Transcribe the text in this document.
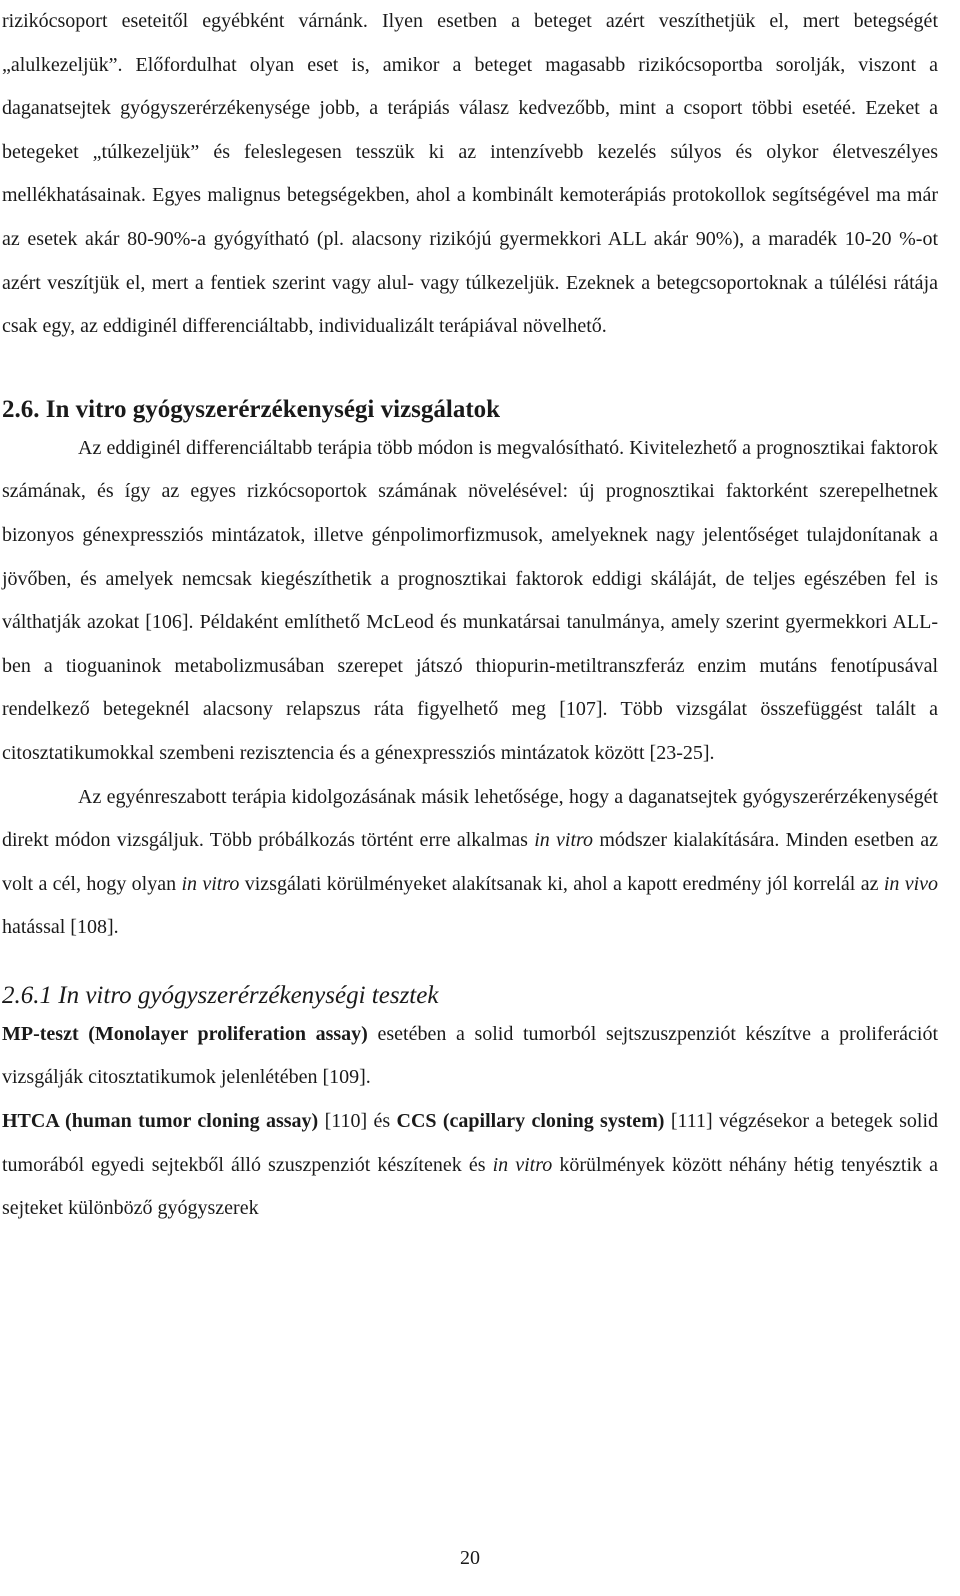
rizikócsoport eseteitől egyébként várnánk. Ilyen esetben a beteget azért veszíthetjük el, mert betegségét „alulkezeljük”. Előfordulhat olyan eset is, amikor a beteget magasabb rizikócsoportba sorolják, viszont a daganatsejtek gyógyszerérzékenysége jobb, a terápiás válasz kedvezőbb, mint a csoport többi esetéé. Ezeket a betegeket „túlkezeljük” és feleslegesen tesszük ki az intenzívebb kezelés súlyos és olykor életveszélyes mellékhatásainak. Egyes malignus betegségekben, ahol a kombinált kemoterápiás protokollok segítségével ma már az esetek akár 80-90%-a gyógyítható (pl. alacsony rizikójú gyermekkori ALL akár 90%), a maradék 10-20 %-ot azért veszítjük el, mert a fentiek szerint vagy alul- vagy túlkezeljük. Ezeknek a betegcsoportoknak a túlélési rátája csak egy, az eddiginél differenciáltabb, individualizált terápiával növelhető.

2.6. In vitro gyógyszerérzékenységi vizsgálatok

Az eddiginél differenciáltabb terápia több módon is megvalósítható. Kivitelezhető a prognosztikai faktorok számának, és így az egyes rizkócsoportok számának növelésével: új prognosztikai faktorként szerepelhetnek bizonyos génexpressziós mintázatok, illetve génpolimorfizmusok, amelyeknek nagy jelentőséget tulajdonítanak a jövőben, és amelyek nemcsak kiegészíthetik a prognosztikai faktorok eddigi skáláját, de teljes egészében fel is válthatják azokat [106]. Példaként említhető McLeod és munkatársai tanulmánya, amely szerint gyermekkori ALL-ben a tioguaninok metabolizmusában szerepet játszó thiopurin-metiltranszferáz enzim mutáns fenotípusával rendelkező betegeknél alacsony relapszus ráta figyelhető meg [107]. Több vizsgálat összefüggést talált a citosztatikumokkal szembeni rezisztencia és a génexpressziós mintázatok között [23-25].

Az egyénreszabott terápia kidolgozásának másik lehetősége, hogy a daganatsejtek gyógyszerérzékenységét direkt módon vizsgáljuk. Több próbálkozás történt erre alkalmas in vitro módszer kialakítására. Minden esetben az volt a cél, hogy olyan in vitro vizsgálati körülményeket alakítsanak ki, ahol a kapott eredmény jól korrelál az in vivo hatással [108].

2.6.1 In vitro gyógyszerérzékenységi tesztek

MP-teszt (Monolayer proliferation assay) esetében a solid tumorból sejtszuszpenziót készítve a proliferációt vizsgálják citosztatikumok jelenlétében [109].

HTCA (human tumor cloning assay) [110] és CCS (capillary cloning system) [111] végzésekor a betegek solid tumorából egyedi sejtekből álló szuszpenziót készítenek és in vitro körülmények között néhány hétig tenyésztik a sejteket különböző gyógyszerek

20
